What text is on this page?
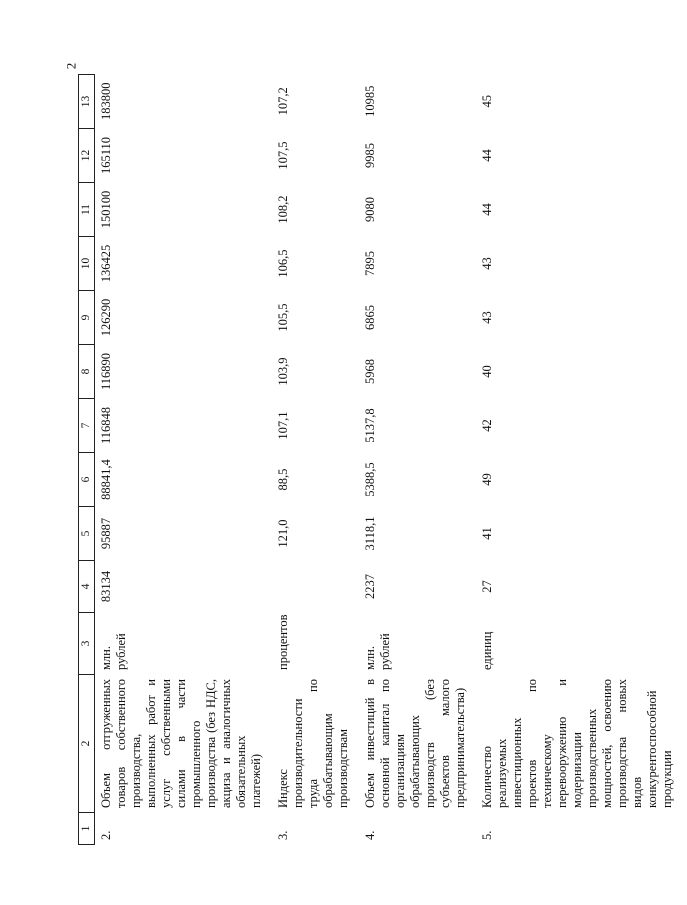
2
1	2	3	4	5	6	7	8	9	10	11	12	13
2.	Объем отгруженных товаров собственного производства, выполненных работ и услуг собственными силами в части промышленного производства (без НДС, акциза и аналогичных обязательных платежей)	млн. рублей	83134	95887	88841,4	116848	116890	126290	136425	150100	165110	183800
3.	Индекс производительности труда по обрабатывающим производствам	процентов		121,0	88,5	107,1	103,9	105,5	106,5	108,2	107,5	107,2
4.	Объем инвестиций в основной капитал по организациям обрабатывающих производств (без субъектов малого предпринимательства)	млн. рублей	2237	3118,1	5388,5	5137,8	5968	6865	7895	9080	9985	10985
5.	Количество реализуемых инвестиционных проектов по техническому перевооружению и модернизации производственных мощностей, освоению производства новых видов конкурентоспособной продукции	единиц	27	41	49	42	40	43	43	44	44	45
